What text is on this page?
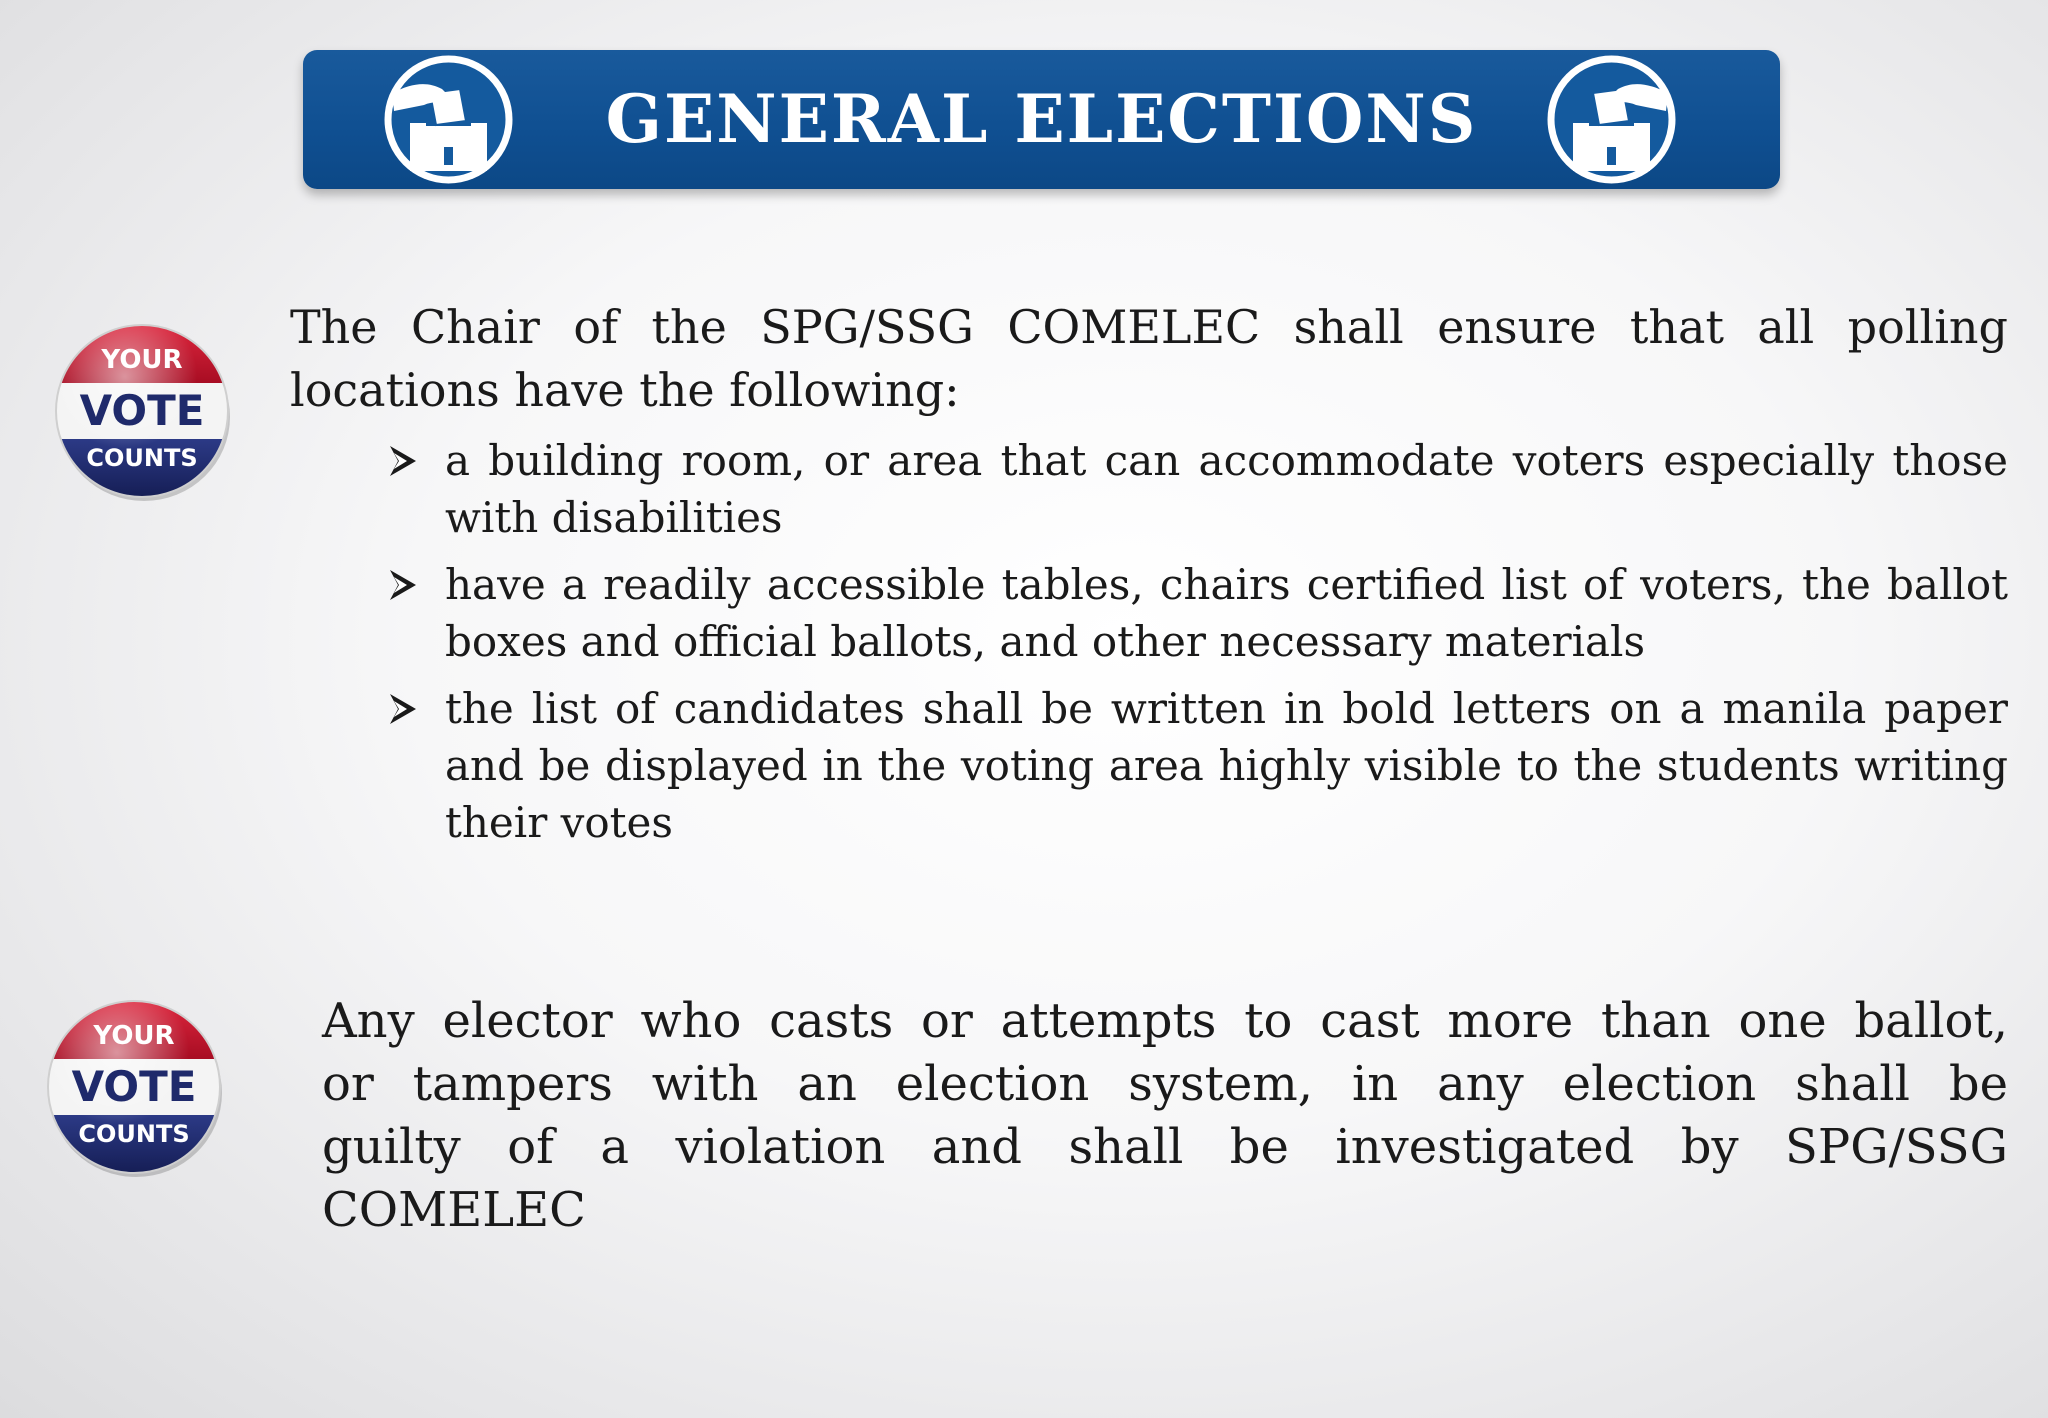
GENERAL ELECTIONS
YOUR
VOTE
COUNTS
YOUR
VOTE
COUNTS
The Chair of the SPG/SSG COMELEC shall ensure that all polling locations have the following:
a building room, or area that can accommodate voters especially those with disabilities
have a readily accessible tables, chairs certified list of voters, the ballot boxes and official ballots, and other necessary materials
the list of candidates shall be written in bold letters on a manila paper and be displayed in the voting area highly visible to the students writing their votes
Any elector who casts or attempts to cast more than one ballot, or tampers with an election system, in any election shall be guilty of a violation and shall be investigated by SPG/SSG COMELEC
